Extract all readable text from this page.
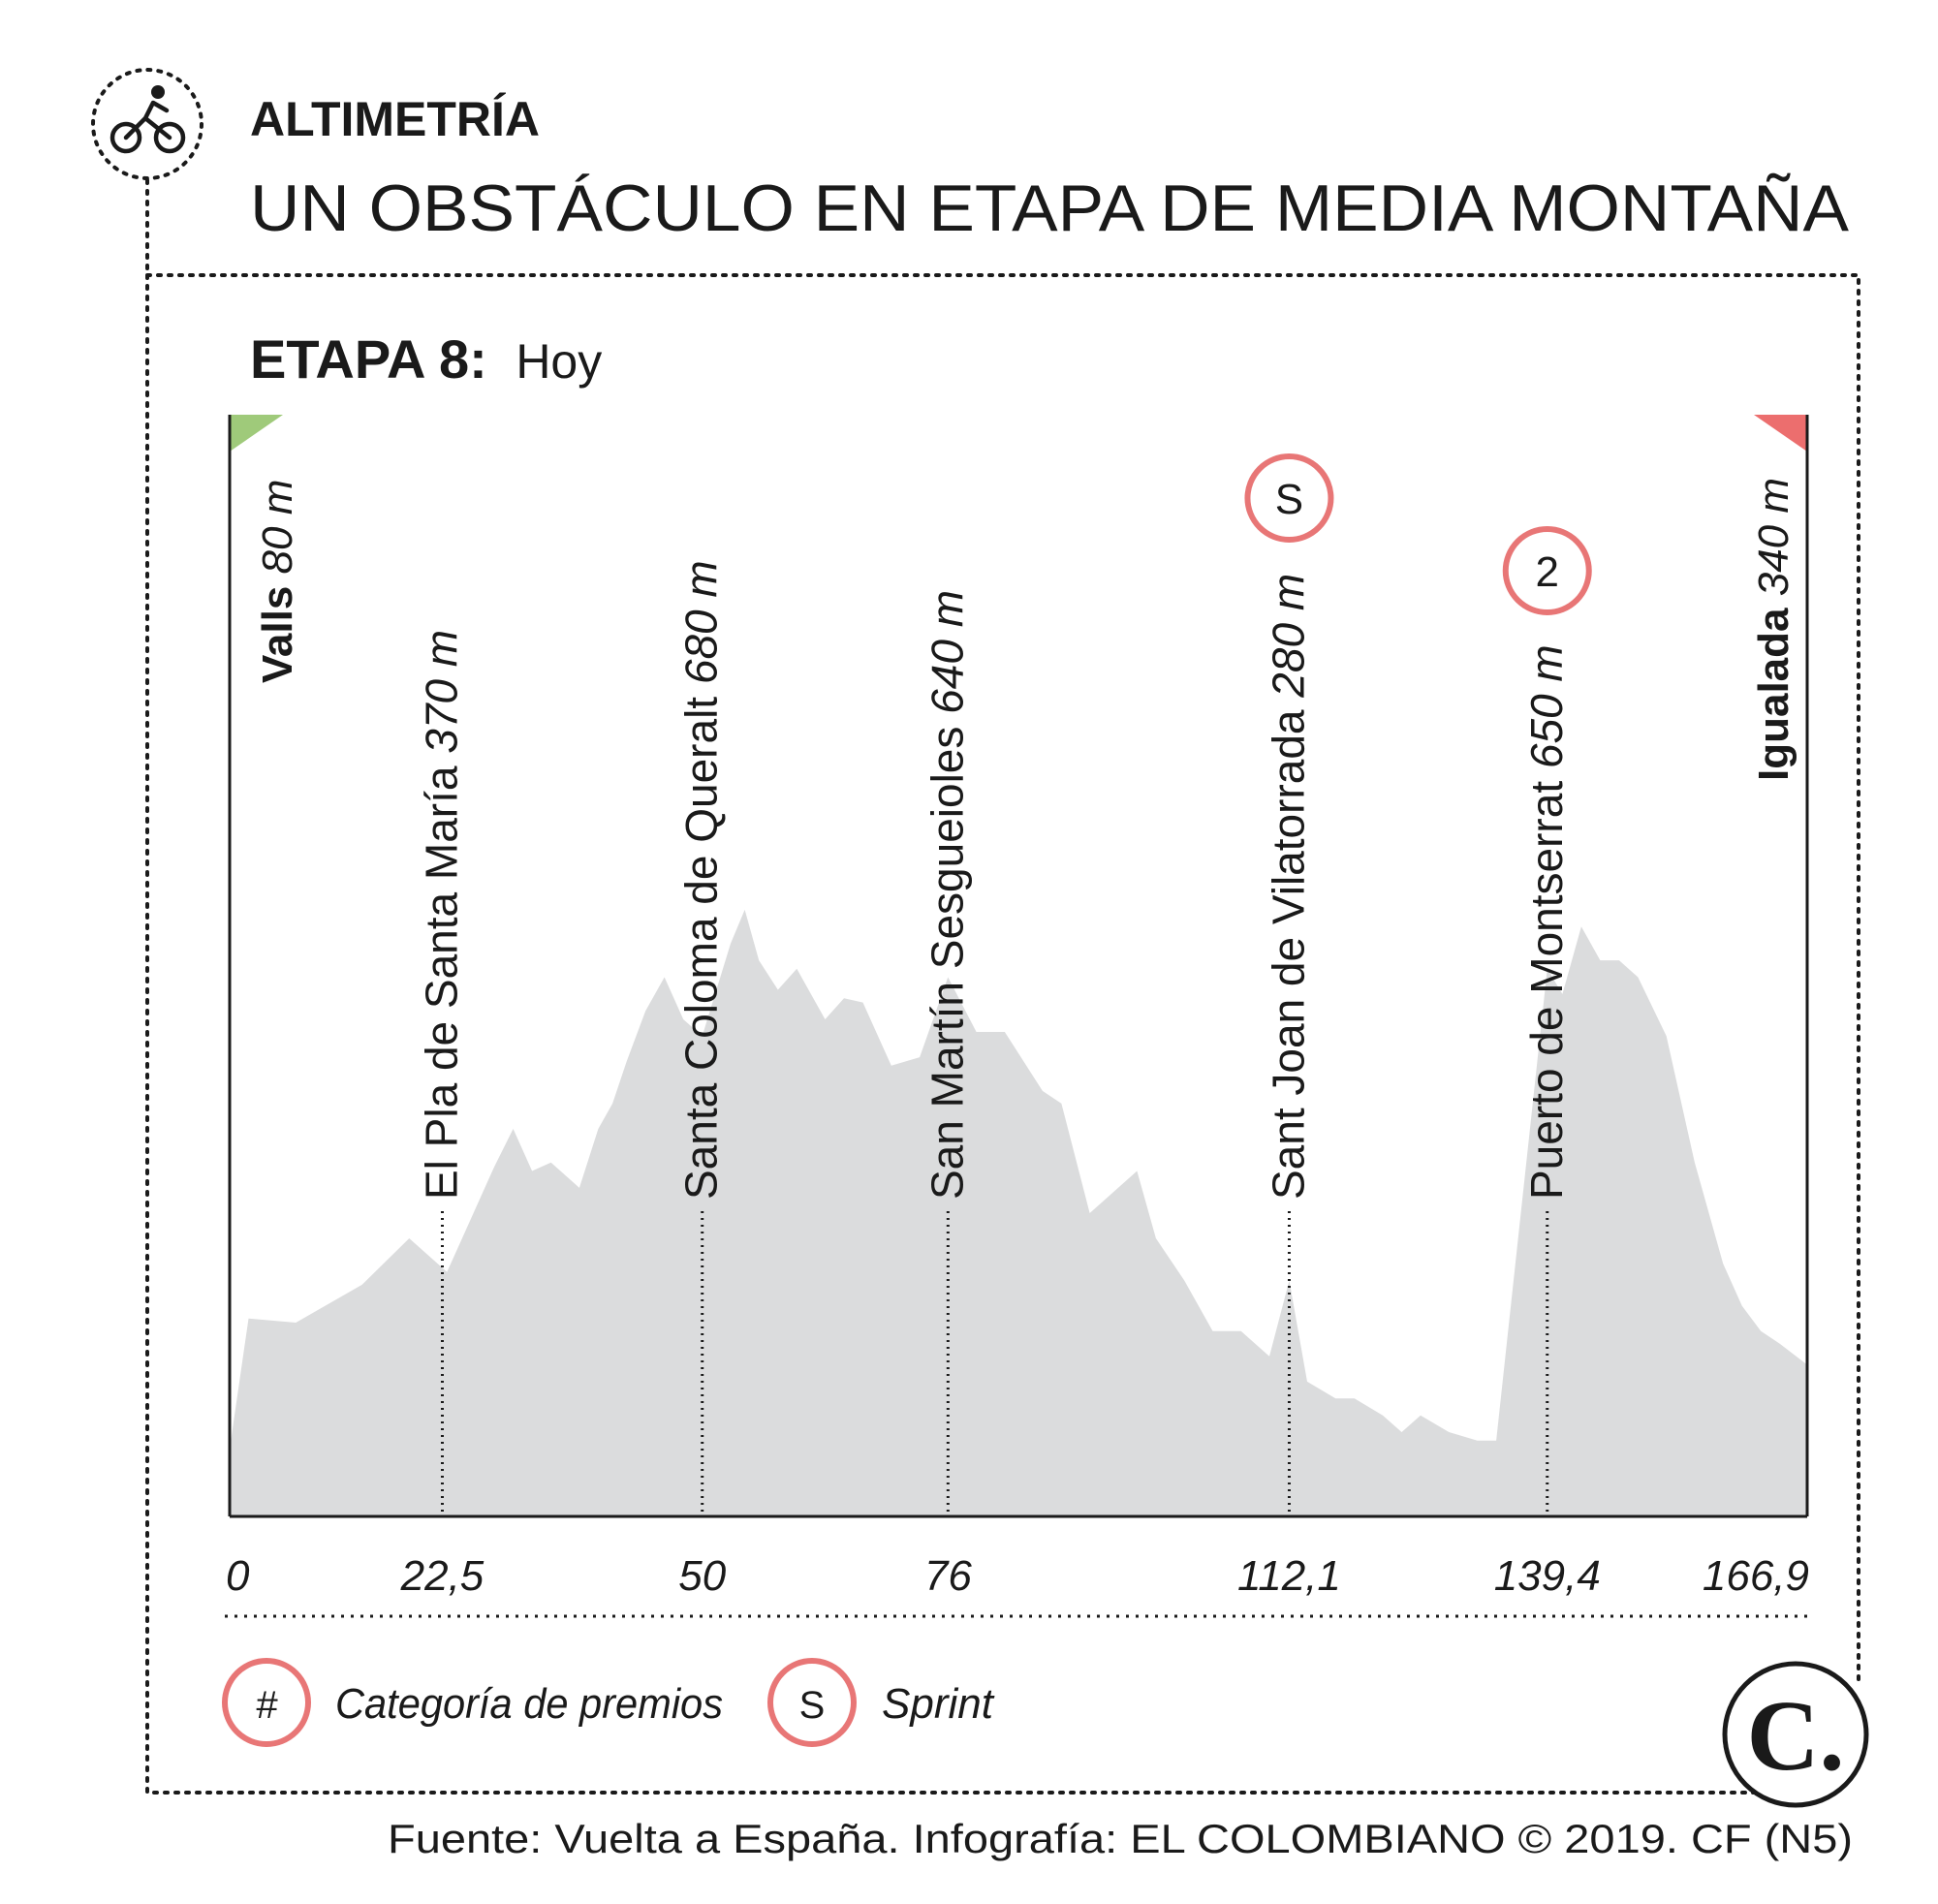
ALTIMETRÍA
UN OBSTÁCULO EN ETAPA DE MEDIA MONTAÑA
ETAPA 8: Hoy
El Pla de Santa María 370 m	Santa Coloma de Queralt 680 m
San Martín Sesgueioles 640 m
Sant Joan de Vilatorrada 280 m
S
Puerto de Montserrat 650 m
2
Valls 80 m
Igualada 340 m
0	22,5	50	76	112,1	139,4 166,9
# Categoría de premios S Sprint	C.
Fuente: Vuelta a España. Infografía: EL COLOMBIANO © 2019. CF (N5)
